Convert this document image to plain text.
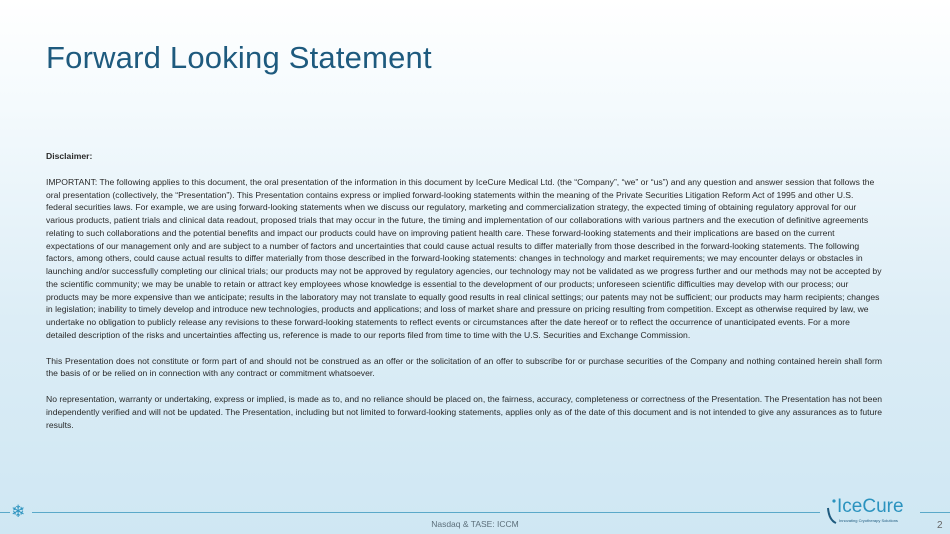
Forward Looking Statement

Disclaimer:

IMPORTANT: The following applies to this document, the oral presentation of the information in this document by IceCure Medical Ltd. (the “Company”, “we” or “us”) and any question and answer session that follows the oral presentation (collectively, the “Presentation”). This Presentation contains express or implied forward-looking statements within the meaning of the Private Securities Litigation Reform Act of 1995 and other U.S. federal securities laws. For example, we are using forward-looking statements when we discuss our regulatory, marketing and commercialization strategy, the expected timing of obtaining regulatory approval for our various products, patient trials and clinical data readout, proposed trials that may occur in the future, the timing and implementation of our collaborations with various partners and the execution of definitive agreements relating to such collaborations and the potential benefits and impact our products could have on improving patient health care. These forward-looking statements and their implications are based on the current expectations of our management only and are subject to a number of factors and uncertainties that could cause actual results to differ materially from those described in the forward-looking statements. The following factors, among others, could cause actual results to differ materially from those described in the forward-looking statements: changes in technology and market requirements; we may encounter delays or obstacles in launching and/or successfully completing our clinical trials; our products may not be approved by regulatory agencies, our technology may not be validated as we progress further and our methods may not be accepted by the scientific community; we may be unable to retain or attract key employees whose knowledge is essential to the development of our products; unforeseen scientific difficulties may develop with our process; our products may be more expensive than we anticipate; results in the laboratory may not translate to equally good results in real clinical settings; our patents may not be sufficient; our products may harm recipients; changes in legislation; inability to timely develop and introduce new technologies, products and applications; and loss of market share and pressure on pricing resulting from competition. Except as otherwise required by law, we undertake no obligation to publicly release any revisions to these forward-looking statements to reflect events or circumstances after the date hereof or to reflect the occurrence of unanticipated events. For a more detailed description of the risks and uncertainties affecting us, reference is made to our reports filed from time to time with the U.S. Securities and Exchange Commission.

This Presentation does not constitute or form part of and should not be construed as an offer or the solicitation of an offer to subscribe for or purchase securities of the Company and nothing contained herein shall form the basis of or be relied on in connection with any contract or commitment whatsoever.

No representation, warranty or undertaking, express or implied, is made as to, and no reliance should be placed on, the fairness, accuracy, completeness or correctness of the Presentation. The Presentation has not been independently verified and will not be updated. The Presentation, including but not limited to forward-looking statements, applies only as of the date of this document and is not intended to give any assurances as to future results.

❄
Nasdaq & TASE: ICCM
IceCure
Innovating Cryotherapy Solutions	2
